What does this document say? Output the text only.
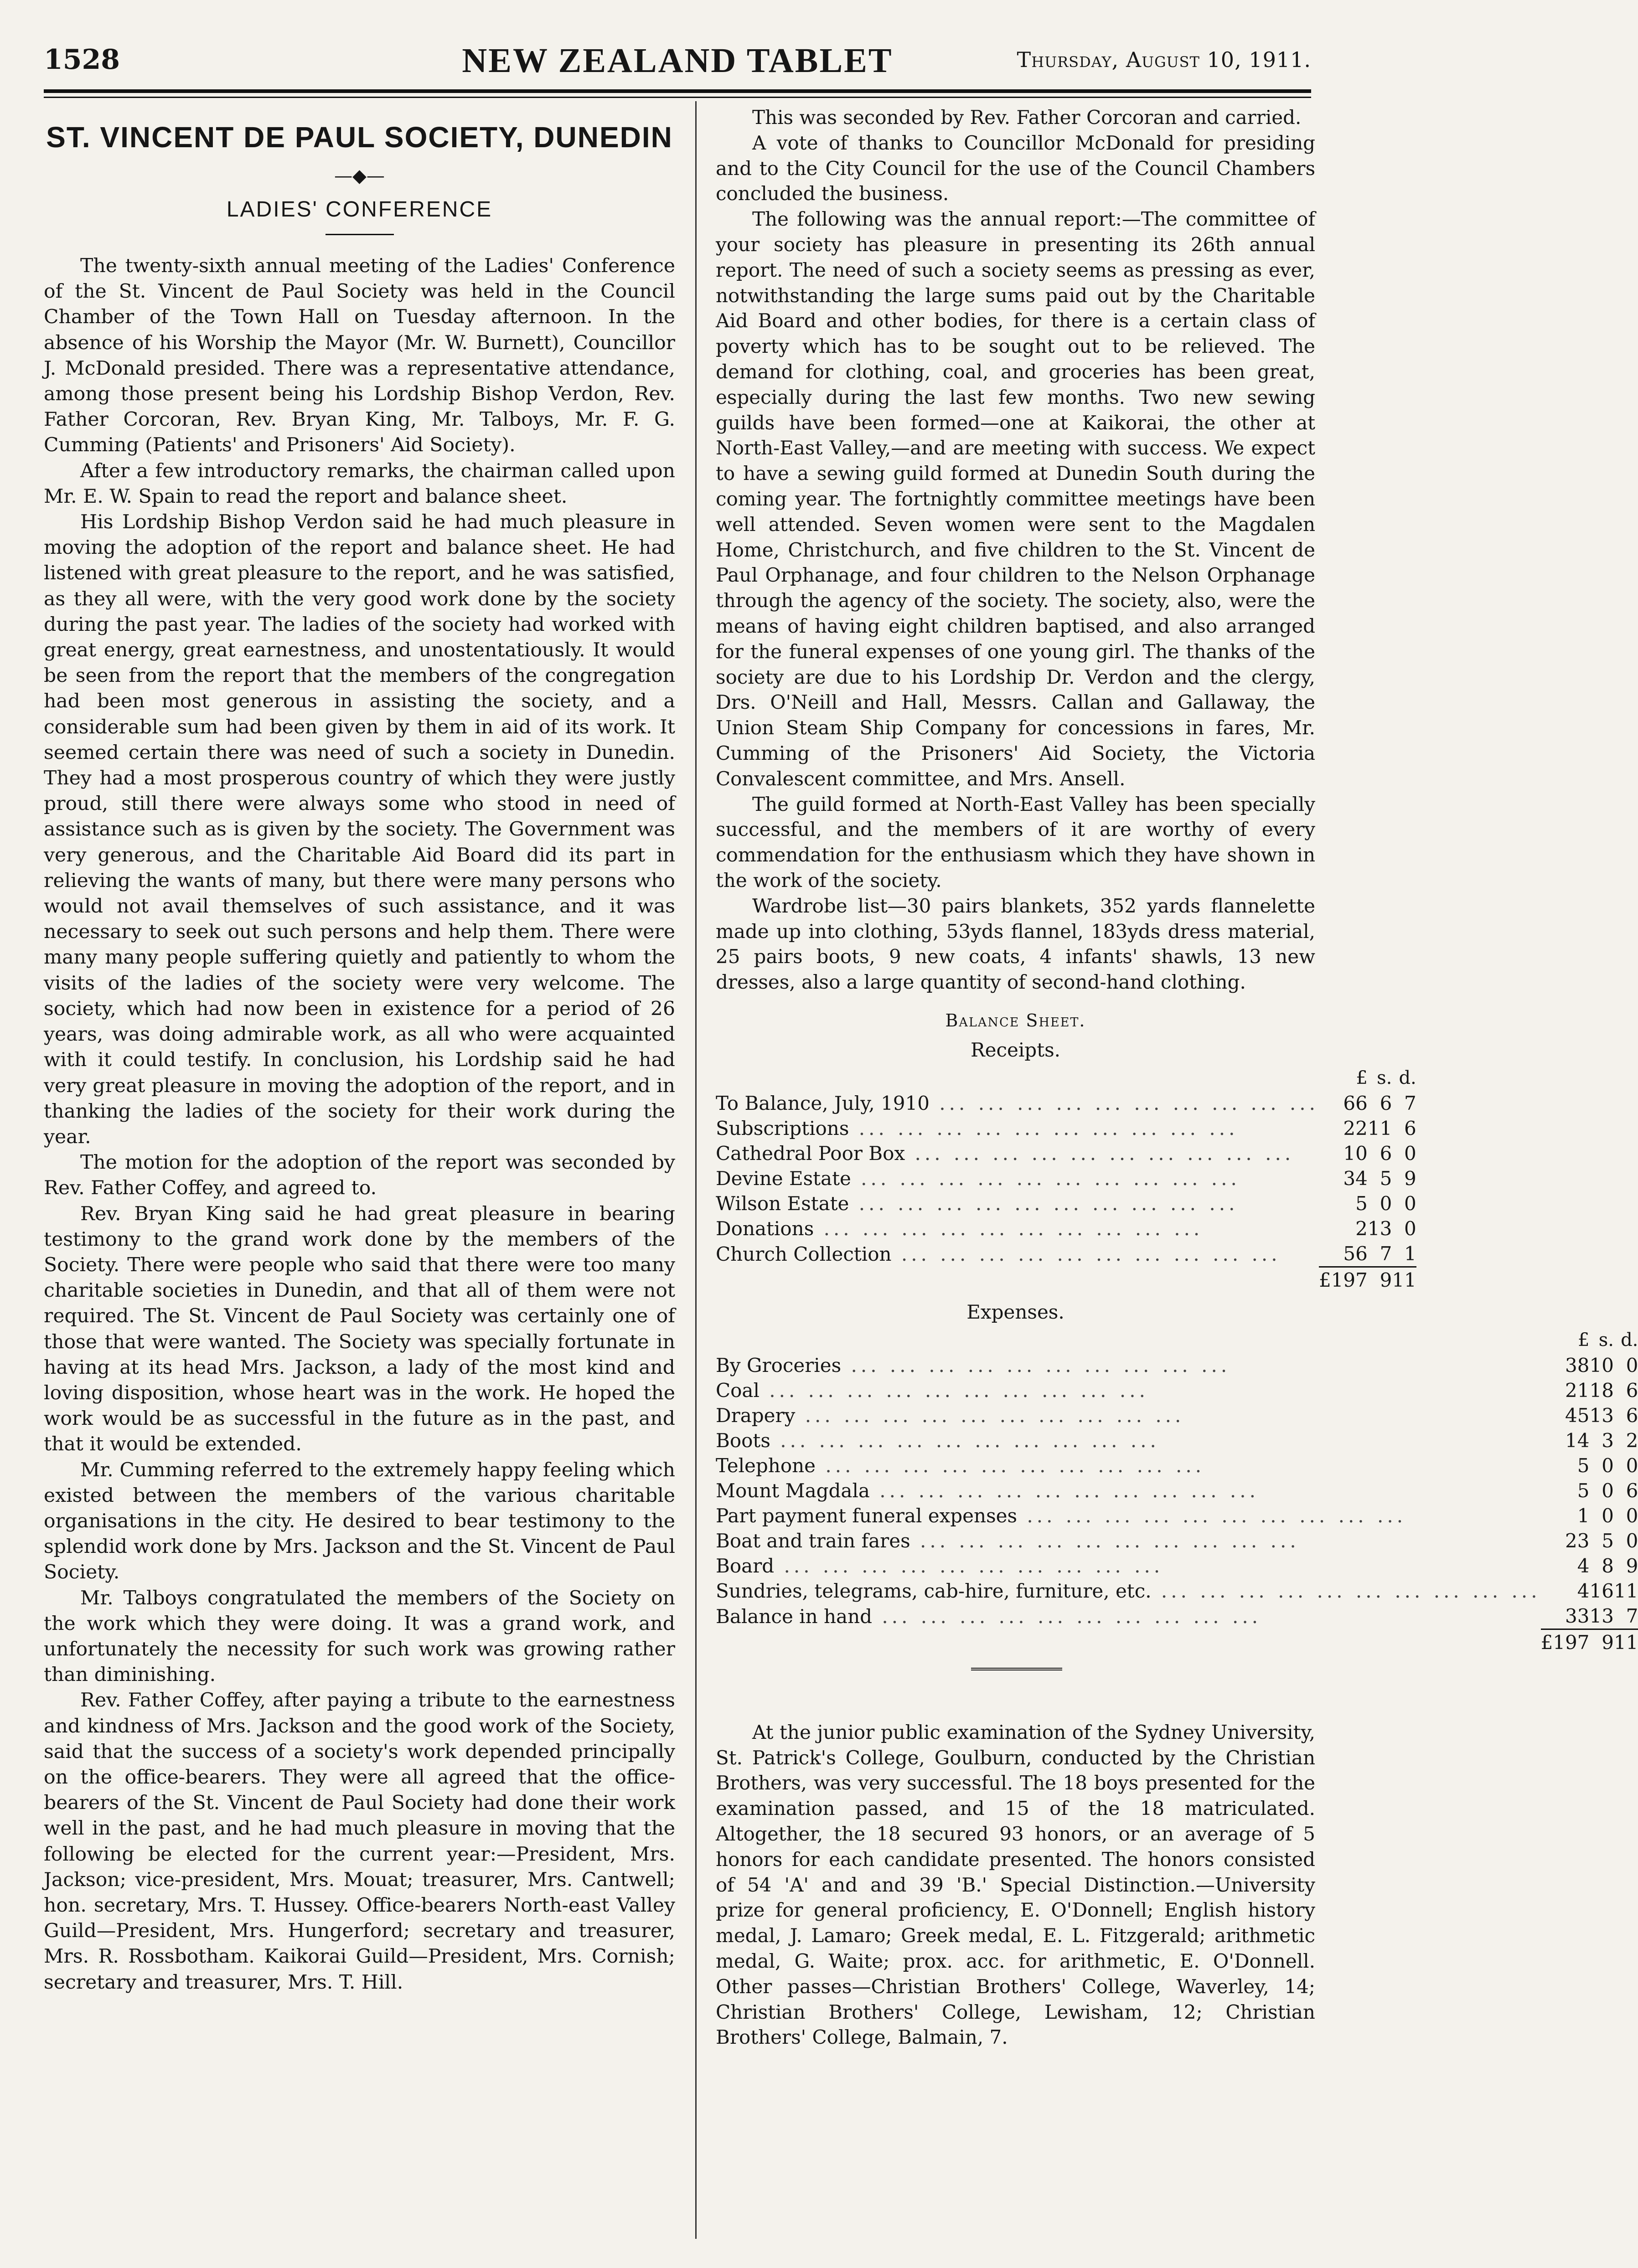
1528	NEW ZEALAND TABLET	Thursday, August 10, 1911.
ST. VINCENT DE PAUL SOCIETY, DUNEDIN
—◆—
LADIES' CONFERENCE

The twenty-sixth annual meeting of the Ladies' Conference of the St. Vincent de Paul Society was held in the Council Chamber of the Town Hall on Tuesday afternoon. In the absence of his Worship the Mayor (Mr. W. Burnett), Councillor J. McDonald presided. There was a representative attendance, among those present being his Lordship Bishop Verdon, Rev. Father Corcoran, Rev. Bryan King, Mr. Talboys, Mr. F. G. Cumming (Patients' and Prisoners' Aid Society).

After a few introductory remarks, the chairman called upon Mr. E. W. Spain to read the report and balance sheet.

His Lordship Bishop Verdon said he had much pleasure in moving the adoption of the report and balance sheet. He had listened with great pleasure to the report, and he was satisfied, as they all were, with the very good work done by the society during the past year. The ladies of the society had worked with great energy, great earnestness, and unostentatiously. It would be seen from the report that the members of the congregation had been most generous in assisting the society, and a considerable sum had been given by them in aid of its work. It seemed certain there was need of such a society in Dunedin. They had a most prosperous country of which they were justly proud, still there were always some who stood in need of assistance such as is given by the society. The Government was very generous, and the Charitable Aid Board did its part in relieving the wants of many, but there were many persons who would not avail themselves of such assistance, and it was necessary to seek out such persons and help them. There were many many people suffering quietly and patiently to whom the visits of the ladies of the society were very welcome. The society, which had now been in existence for a period of 26 years, was doing admirable work, as all who were acquainted with it could testify. In conclusion, his Lordship said he had very great pleasure in moving the adoption of the report, and in thanking the ladies of the society for their work during the year.

The motion for the adoption of the report was seconded by Rev. Father Coffey, and agreed to.

Rev. Bryan King said he had great pleasure in bearing testimony to the grand work done by the members of the Society. There were people who said that there were too many charitable societies in Dunedin, and that all of them were not required. The St. Vincent de Paul Society was certainly one of those that were wanted. The Society was specially fortunate in having at its head Mrs. Jackson, a lady of the most kind and loving disposition, whose heart was in the work. He hoped the work would be as successful in the future as in the past, and that it would be extended.

Mr. Cumming referred to the extremely happy feeling which existed between the members of the various charitable organisations in the city. He desired to bear testimony to the splendid work done by Mrs. Jackson and the St. Vincent de Paul Society.

Mr. Talboys congratulated the members of the Society on the work which they were doing. It was a grand work, and unfortunately the necessity for such work was growing rather than diminishing.

Rev. Father Coffey, after paying a tribute to the earnestness and kindness of Mrs. Jackson and the good work of the Society, said that the success of a society's work depended principally on the office-bearers. They were all agreed that the office-bearers of the St. Vincent de Paul Society had done their work well in the past, and he had much pleasure in moving that the following be elected for the current year:—President, Mrs. Jackson; vice-president, Mrs. Mouat; treasurer, Mrs. Cantwell; hon. secretary, Mrs. T. Hussey. Office-bearers North-east Valley Guild—President, Mrs. Hungerford; secretary and treasurer, Mrs. R. Rossbotham. Kaikorai Guild—President, Mrs. Cornish; secretary and treasurer, Mrs. T. Hill.

This was seconded by Rev. Father Corcoran and carried.

A vote of thanks to Councillor McDonald for presiding and to the City Council for the use of the Council Chambers concluded the business.

The following was the annual report:—The committee of your society has pleasure in presenting its 26th annual report. The need of such a society seems as pressing as ever, notwithstanding the large sums paid out by the Charitable Aid Board and other bodies, for there is a certain class of poverty which has to be sought out to be relieved. The demand for clothing, coal, and groceries has been great, especially during the last few months. Two new sewing guilds have been formed—one at Kaikorai, the other at North-East Valley,—and are meeting with success. We expect to have a sewing guild formed at Dunedin South during the coming year. The fortnightly committee meetings have been well attended. Seven women were sent to the Magdalen Home, Christchurch, and five children to the St. Vincent de Paul Orphanage, and four children to the Nelson Orphanage through the agency of the society. The society, also, were the means of having eight children baptised, and also arranged for the funeral expenses of one young girl. The thanks of the society are due to his Lordship Dr. Verdon and the clergy, Drs. O'Neill and Hall, Messrs. Callan and Gallaway, the Union Steam Ship Company for concessions in fares, Mr. Cumming of the Prisoners' Aid Society, the Victoria Convalescent committee, and Mrs. Ansell.

The guild formed at North-East Valley has been specially successful, and the members of it are worthy of every commendation for the enthusiasm which they have shown in the work of the society.

Wardrobe list—30 pairs blankets, 352 yards flannelette made up into clothing, 53yds flannel, 183yds dress material, 25 pairs boots, 9 new coats, 4 infants' shawls, 13 new dresses, also a large quantity of second-hand clothing.

Balance Sheet.
Receipts.
	£	s.	d.
To Balance, July, 1910 ... ... ... ... ... ... ... ... ... ...	66	6	7
Subscriptions ... ... ... ... ... ... ... ... ... ...	22	11	6
Cathedral Poor Box ... ... ... ... ... ... ... ... ... ...	10	6	0
Devine Estate ... ... ... ... ... ... ... ... ... ...	34	5	9
Wilson Estate ... ... ... ... ... ... ... ... ... ...	5	0	0
Donations ... ... ... ... ... ... ... ... ... ...	2	13	0
Church Collection ... ... ... ... ... ... ... ... ... ...	56	7	1
	£197	9	11
Expenses.
	£	s.	d.
By Groceries ... ... ... ... ... ... ... ... ... ...	38	10	0
Coal ... ... ... ... ... ... ... ... ... ...	21	18	6
Drapery ... ... ... ... ... ... ... ... ... ...	45	13	6
Boots ... ... ... ... ... ... ... ... ... ...	14	3	2
Telephone ... ... ... ... ... ... ... ... ... ...	5	0	0
Mount Magdala ... ... ... ... ... ... ... ... ... ...	5	0	6
Part payment funeral expenses ... ... ... ... ... ... ... ... ... ...	1	0	0
Boat and train fares ... ... ... ... ... ... ... ... ... ...	23	5	0
Board ... ... ... ... ... ... ... ... ... ...	4	8	9
Sundries, telegrams, cab-hire, furniture, etc. ... ... ... ... ... ... ... ... ... ...	4	16	11
Balance in hand ... ... ... ... ... ... ... ... ... ...	33	13	7
	£197	9	11

At the junior public examination of the Sydney University, St. Patrick's College, Goulburn, conducted by the Christian Brothers, was very successful. The 18 boys presented for the examination passed, and 15 of the 18 matriculated. Altogether, the 18 secured 93 honors, or an average of 5 honors for each candidate presented. The honors consisted of 54 'A' and and 39 'B.' Special Distinction.—University prize for general proficiency, E. O'Donnell; English history medal, J. Lamaro; Greek medal, E. L. Fitzgerald; arithmetic medal, G. Waite; prox. acc. for arithmetic, E. O'Donnell. Other passes—Christian Brothers' College, Waverley, 14; Christian Brothers' College, Lewisham, 12; Christian Brothers' College, Balmain, 7.
